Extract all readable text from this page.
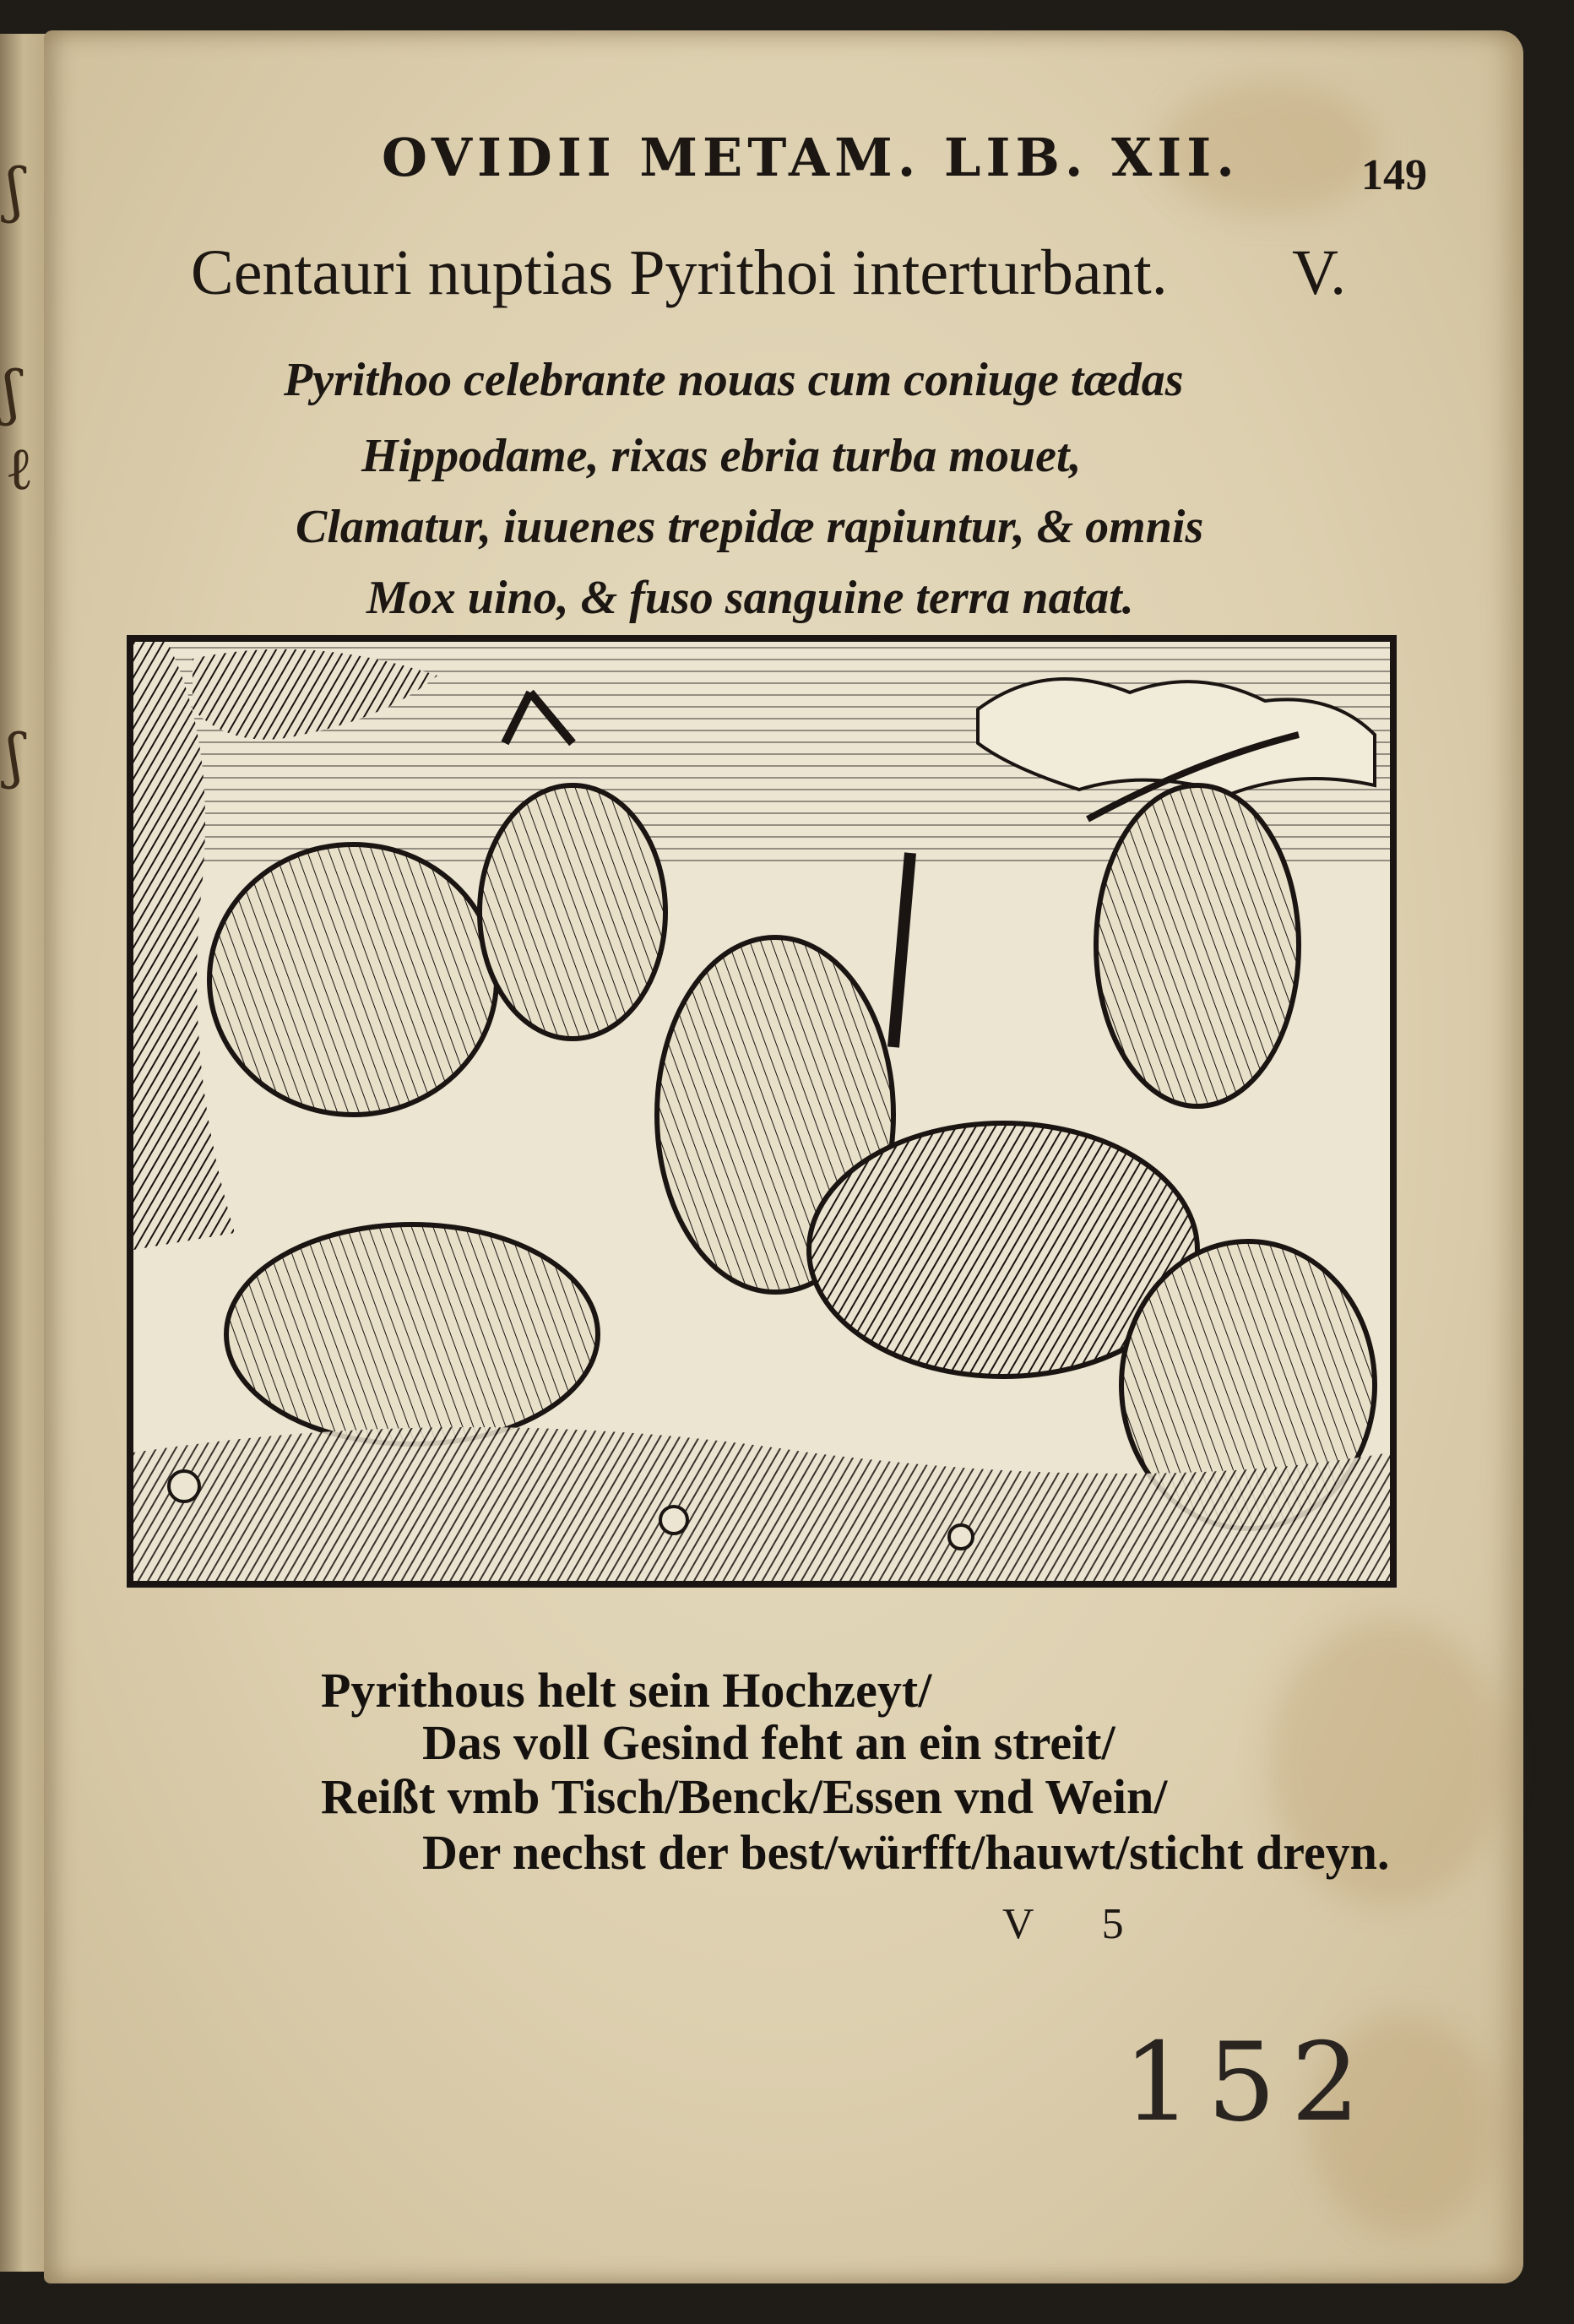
ʃ
ʃ
ℓ
ʃ
OVIDII METAM. LIB. XII.	149
Centauri nuptias Pyrithoi interturbant. V.
Pyrithoo celebrante nouas cum coniuge tædas
Hippodame, rixas ebria turba mouet,
Clamatur, iuuenes trepidæ rapiuntur, & omnis
Mox uino, & fuso sanguine terra natat.
Pyrithous helt sein Hochzeyt/
Das voll Gesind feht an ein streit/
Reißt vmb Tisch/Benck/Essen vnd Wein/
Der nechst der best/würfft/hauwt/sticht dreyn.
V 5
152
